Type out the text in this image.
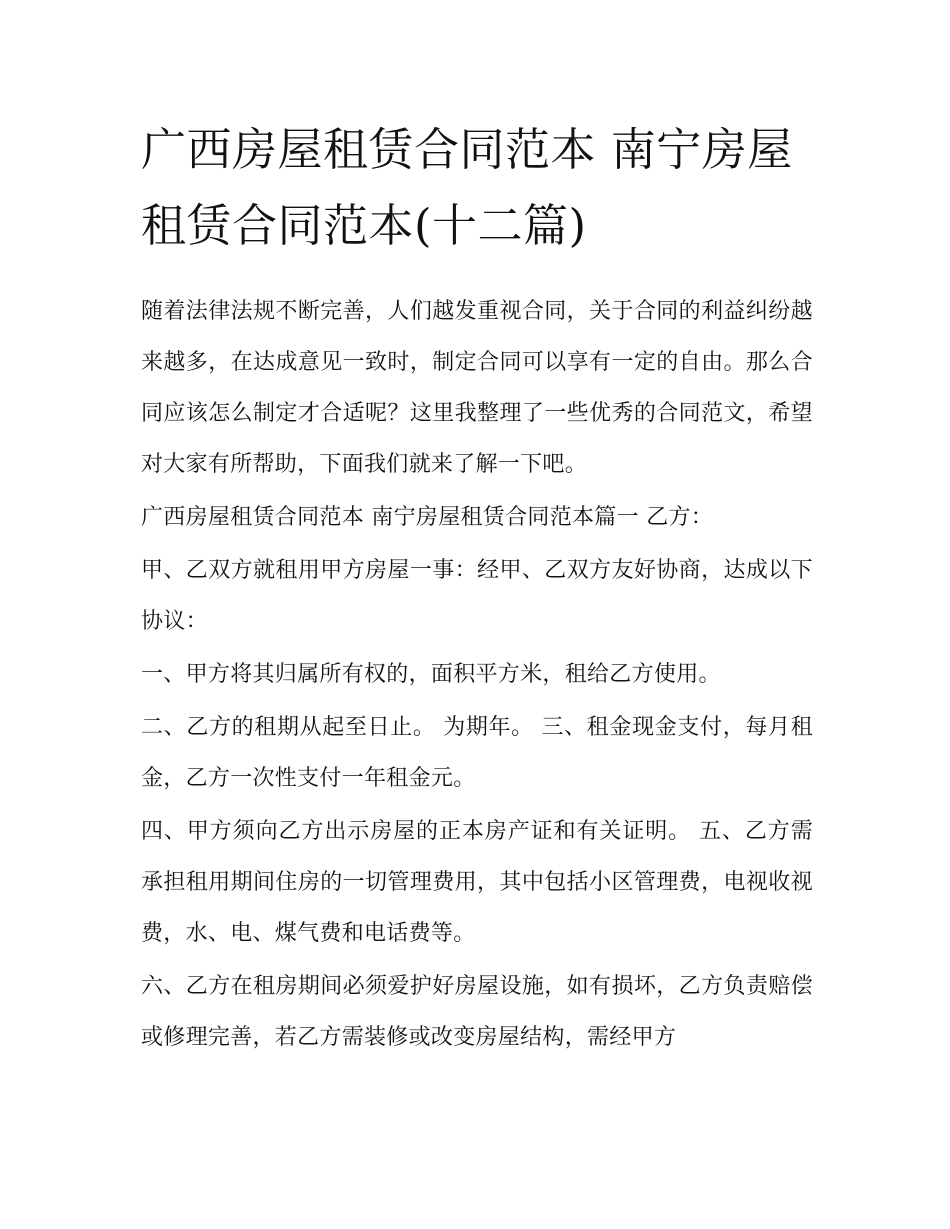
广西房屋租赁合同范本 南宁房屋租赁合同范本(十二篇)

随着法律法规不断完善，人们越发重视合同，关于合同的利益纠纷越来越多，在达成意见一致时，制定合同可以享有一定的自由。那么合同应该怎么制定才合适呢？这里我整理了一些优秀的合同范文，希望对大家有所帮助，下面我们就来了解一下吧。

广西房屋租赁合同范本 南宁房屋租赁合同范本篇一 乙方：

甲、乙双方就租用甲方房屋一事：经甲、乙双方友好协商，达成以下协议：

一、甲方将其归属所有权的，面积平方米，租给乙方使用。

二、乙方的租期从起至日止。 为期年。 三、租金现金支付，每月租金，乙方一次性支付一年租金元。

四、甲方须向乙方出示房屋的正本房产证和有关证明。 五、乙方需承担租用期间住房的一切管理费用，其中包括小区管理费，电视收视费，水、电、煤气费和电话费等。

六、乙方在租房期间必须爱护好房屋设施，如有损坏，乙方负责赔偿或修理完善，若乙方需装修或改变房屋结构，需经甲方
